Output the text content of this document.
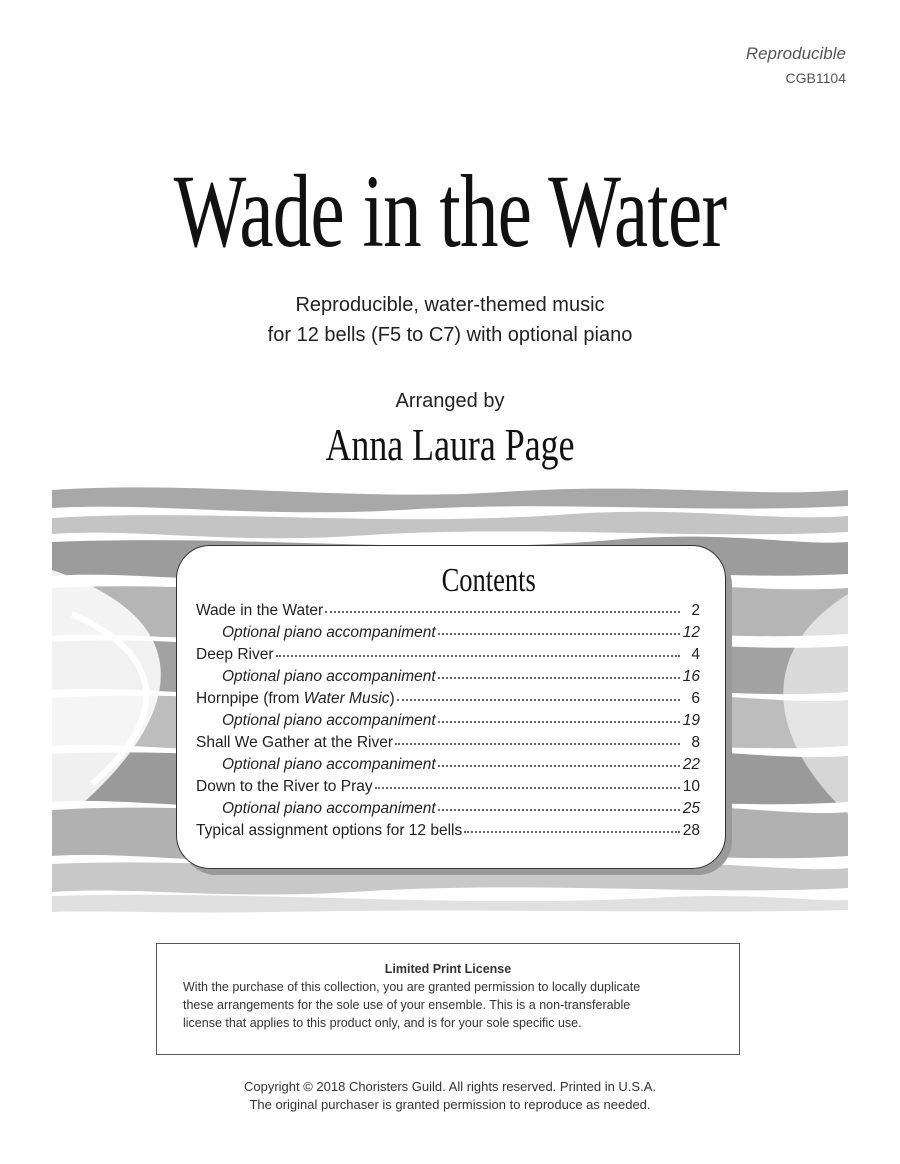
Reproducible
CGB1104
Wade in the Water
Reproducible, water-themed music
for 12 bells (F5 to C7) with optional piano
Arranged by
Anna Laura Page
Contents
Wade in the Water	2
Optional piano accompaniment	12
Deep River	4
Optional piano accompaniment	16
Hornpipe (from Water Music)	6
Optional piano accompaniment	19
Shall We Gather at the River	8
Optional piano accompaniment	22
Down to the River to Pray	10
Optional piano accompaniment	25
Typical assignment options for 12 bells	28
Limited Print License
With the purchase of this collection, you are granted permission to locally duplicate
these arrangements for the sole use of your ensemble. This is a non-transferable
license that applies to this product only, and is for your sole specific use.
Copyright © 2018 Choristers Guild. All rights reserved. Printed in U.S.A.
The original purchaser is granted permission to reproduce as needed.
